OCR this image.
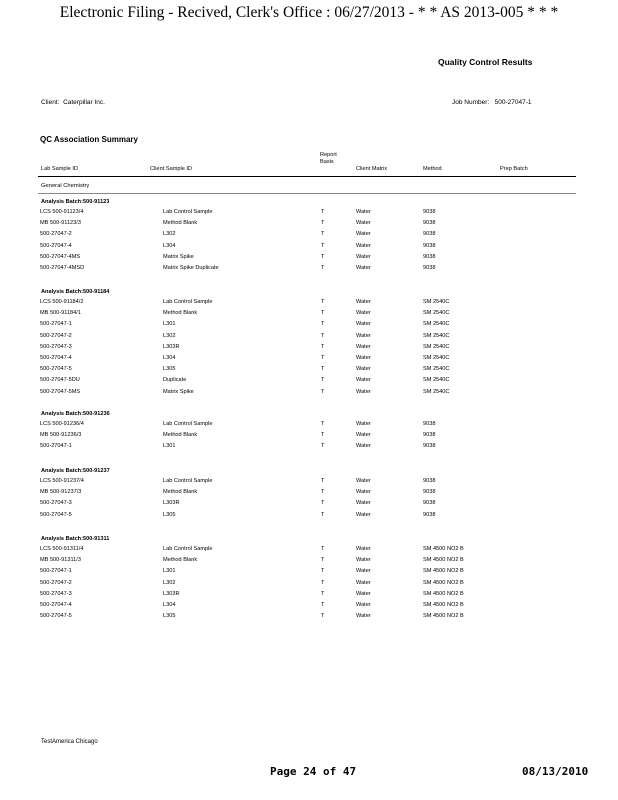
Electronic Filing - Recived, Clerk's Office : 06/27/2013 - * * AS 2013-005 * * *
Quality Control Results
Client: Caterpillar Inc.	Job Number: 500-27047-1
QC Association Summary
Lab Sample ID	Client Sample ID
Report
Basis
Client Matrix	Method	Prep Batch
General Chemistry
Analysis Batch:500-91123
LCS 500-91123/4	Lab Control Sample	T	Water	9038
MB 500-91123/3	Method Blank	T	Water	9038
500-27047-2	L302	T	Water	9038
500-27047-4	L304	T	Water	9038
500-27047-4MS	Matrix Spike	T	Water	9038
500-27047-4MSD	Matrix Spike Duplicate	T	Water	9038
Analysis Batch:500-91184
LCS 500-91184/2	Lab Control Sample	T	Water	SM 2540C
MB 500-91184/1	Method Blank	T	Water	SM 2540C
500-27047-1	L301	T	Water	SM 2540C
500-27047-2	L302	T	Water	SM 2540C
500-27047-3	L303R	T	Water	SM 2540C
500-27047-4	L304	T	Water	SM 2540C
500-27047-5	L305	T	Water	SM 2540C
500-27047-5DU	Duplicate	T	Water	SM 2540C
500-27047-5MS	Matrix Spike	T	Water	SM 2540C
Analysis Batch:500-91236
LCS 500-91236/4	Lab Control Sample	T	Water	9038
MB 500-91236/3	Method Blank	T	Water	9038
500-27047-1	L301	T	Water	9038
Analysis Batch:500-91237
LCS 500-91237/4	Lab Control Sample	T	Water	9038
MB 500-91237/3	Method Blank	T	Water	9038
500-27047-3	L303R	T	Water	9038
500-27047-5	L305	T	Water	9038
Analysis Batch:500-91311
LCS 500-91311/4	Lab Control Sample	T	Water	SM 4500 NO2 B
MB 500-91311/3	Method Blank	T	Water	SM 4500 NO2 B
500-27047-1	L301	T	Water	SM 4500 NO2 B
500-27047-2	L302	T	Water	SM 4500 NO2 B
500-27047-3	L303R	T	Water	SM 4500 NO2 B
500-27047-4	L304	T	Water	SM 4500 NO2 B
500-27047-5	L305	T	Water	SM 4500 NO2 B
TestAmerica Chicago
Page 24 of 47	08/13/2010
